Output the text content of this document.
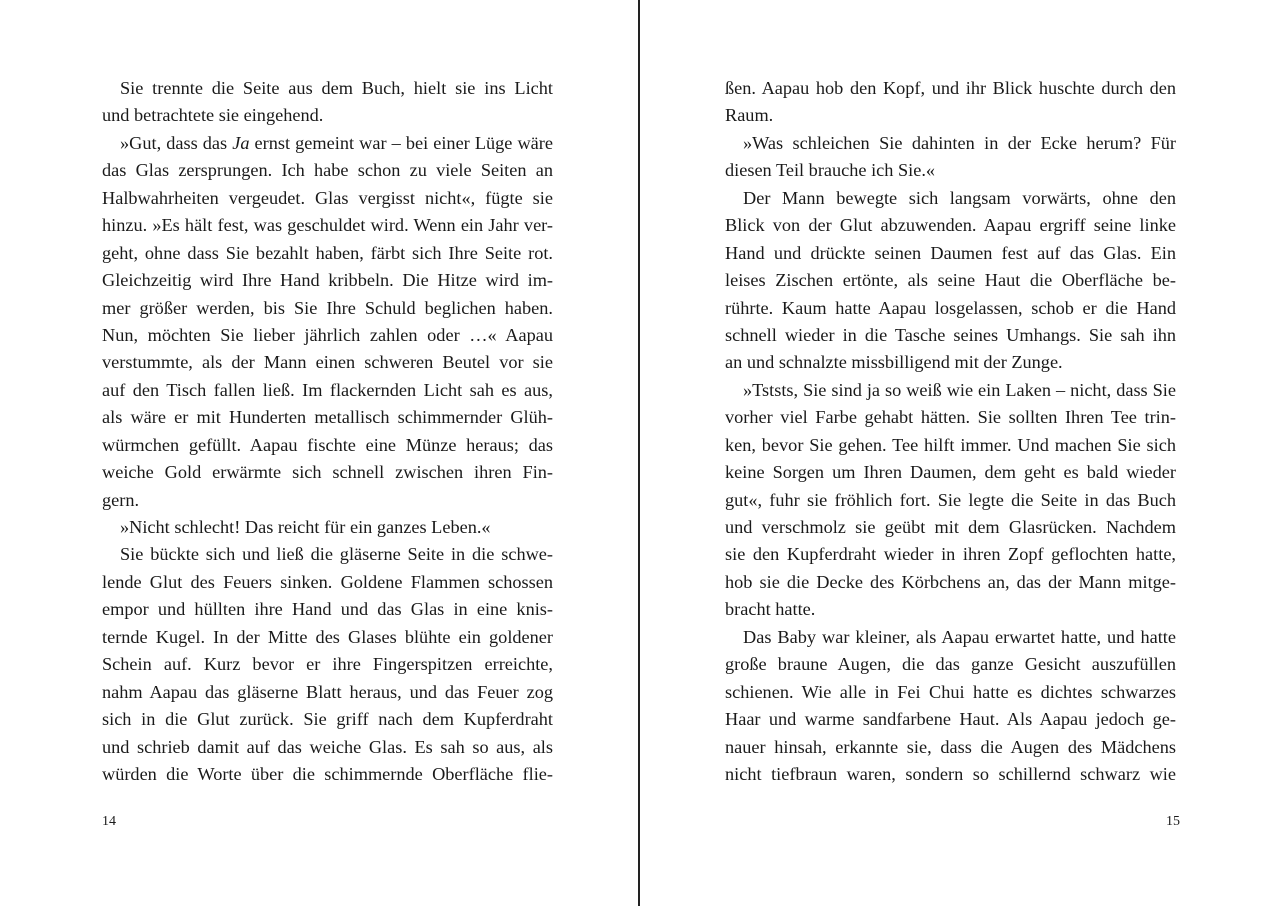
Sie trennte die Seite aus dem Buch, hielt sie ins Licht
und betrachtete sie eingehend.
»Gut, dass das Ja ernst gemeint war – bei einer Lüge wäre
das Glas zersprungen. Ich habe schon zu viele Seiten an
Halbwahrheiten vergeudet. Glas vergisst nicht«, fügte sie
hinzu. »Es hält fest, was geschuldet wird. Wenn ein Jahr ver-
geht, ohne dass Sie bezahlt haben, färbt sich Ihre Seite rot.
Gleichzeitig wird Ihre Hand kribbeln. Die Hitze wird im-
mer größer werden, bis Sie Ihre Schuld beglichen haben.
Nun, möchten Sie lieber jährlich zahlen oder …« Aapau
verstummte, als der Mann einen schweren Beutel vor sie
auf den Tisch fallen ließ. Im flackernden Licht sah es aus,
als wäre er mit Hunderten metallisch schimmernder Glüh-
würmchen gefüllt. Aapau fischte eine Münze heraus; das
weiche Gold erwärmte sich schnell zwischen ihren Fin-
gern.
»Nicht schlecht! Das reicht für ein ganzes Leben.«
Sie bückte sich und ließ die gläserne Seite in die schwe-
lende Glut des Feuers sinken. Goldene Flammen schossen
empor und hüllten ihre Hand und das Glas in eine knis-
ternde Kugel. In der Mitte des Glases blühte ein goldener
Schein auf. Kurz bevor er ihre Fingerspitzen erreichte,
nahm Aapau das gläserne Blatt heraus, und das Feuer zog
sich in die Glut zurück. Sie griff nach dem Kupferdraht
und schrieb damit auf das weiche Glas. Es sah so aus, als
würden die Worte über die schimmernde Oberfläche flie-
14
ßen. Aapau hob den Kopf, und ihr Blick huschte durch den
Raum.
»Was schleichen Sie dahinten in der Ecke herum? Für
diesen Teil brauche ich Sie.«
Der Mann bewegte sich langsam vorwärts, ohne den
Blick von der Glut abzuwenden. Aapau ergriff seine linke
Hand und drückte seinen Daumen fest auf das Glas. Ein
leises Zischen ertönte, als seine Haut die Oberfläche be-
rührte. Kaum hatte Aapau losgelassen, schob er die Hand
schnell wieder in die Tasche seines Umhangs. Sie sah ihn
an und schnalzte missbilligend mit der Zunge.
»Tststs, Sie sind ja so weiß wie ein Laken – nicht, dass Sie
vorher viel Farbe gehabt hätten. Sie sollten Ihren Tee trin-
ken, bevor Sie gehen. Tee hilft immer. Und machen Sie sich
keine Sorgen um Ihren Daumen, dem geht es bald wieder
gut«, fuhr sie fröhlich fort. Sie legte die Seite in das Buch
und verschmolz sie geübt mit dem Glasrücken. Nachdem
sie den Kupferdraht wieder in ihren Zopf geflochten hatte,
hob sie die Decke des Körbchens an, das der Mann mitge-
bracht hatte.
Das Baby war kleiner, als Aapau erwartet hatte, und hatte
große braune Augen, die das ganze Gesicht auszufüllen
schienen. Wie alle in Fei Chui hatte es dichtes schwarzes
Haar und warme sandfarbene Haut. Als Aapau jedoch ge-
nauer hinsah, erkannte sie, dass die Augen des Mädchens
nicht tiefbraun waren, sondern so schillernd schwarz wie
15
